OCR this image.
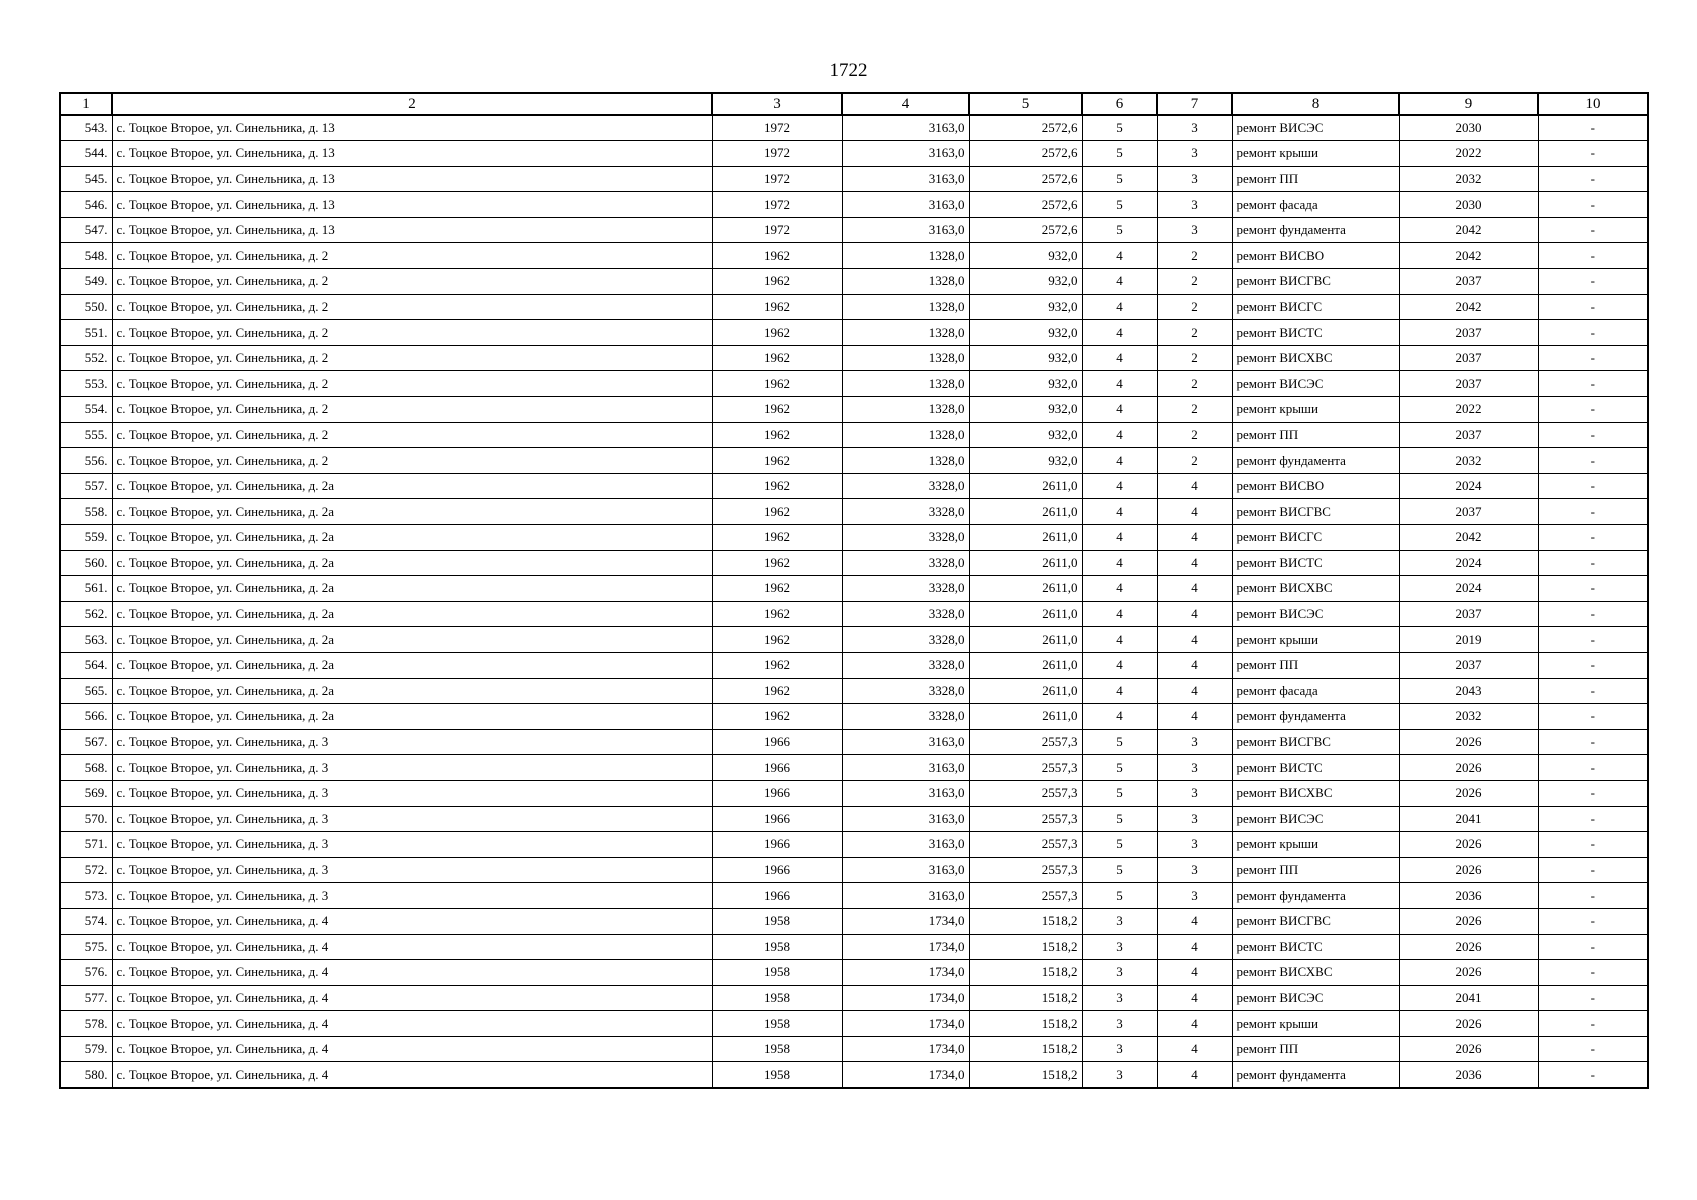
1722
1	2	3	4	5	6	7	8	9	10
543.	с. Тоцкое Второе, ул. Синельника, д. 13	1972	3163,0	2572,6	5	3	ремонт ВИСЭС	2030	-
544.	с. Тоцкое Второе, ул. Синельника, д. 13	1972	3163,0	2572,6	5	3	ремонт крыши	2022	-
545.	с. Тоцкое Второе, ул. Синельника, д. 13	1972	3163,0	2572,6	5	3	ремонт ПП	2032	-
546.	с. Тоцкое Второе, ул. Синельника, д. 13	1972	3163,0	2572,6	5	3	ремонт фасада	2030	-
547.	с. Тоцкое Второе, ул. Синельника, д. 13	1972	3163,0	2572,6	5	3	ремонт фундамента	2042	-
548.	с. Тоцкое Второе, ул. Синельника, д. 2	1962	1328,0	932,0	4	2	ремонт ВИСВО	2042	-
549.	с. Тоцкое Второе, ул. Синельника, д. 2	1962	1328,0	932,0	4	2	ремонт ВИСГВС	2037	-
550.	с. Тоцкое Второе, ул. Синельника, д. 2	1962	1328,0	932,0	4	2	ремонт ВИСГС	2042	-
551.	с. Тоцкое Второе, ул. Синельника, д. 2	1962	1328,0	932,0	4	2	ремонт ВИСТС	2037	-
552.	с. Тоцкое Второе, ул. Синельника, д. 2	1962	1328,0	932,0	4	2	ремонт ВИСХВС	2037	-
553.	с. Тоцкое Второе, ул. Синельника, д. 2	1962	1328,0	932,0	4	2	ремонт ВИСЭС	2037	-
554.	с. Тоцкое Второе, ул. Синельника, д. 2	1962	1328,0	932,0	4	2	ремонт крыши	2022	-
555.	с. Тоцкое Второе, ул. Синельника, д. 2	1962	1328,0	932,0	4	2	ремонт ПП	2037	-
556.	с. Тоцкое Второе, ул. Синельника, д. 2	1962	1328,0	932,0	4	2	ремонт фундамента	2032	-
557.	с. Тоцкое Второе, ул. Синельника, д. 2а	1962	3328,0	2611,0	4	4	ремонт ВИСВО	2024	-
558.	с. Тоцкое Второе, ул. Синельника, д. 2а	1962	3328,0	2611,0	4	4	ремонт ВИСГВС	2037	-
559.	с. Тоцкое Второе, ул. Синельника, д. 2а	1962	3328,0	2611,0	4	4	ремонт ВИСГС	2042	-
560.	с. Тоцкое Второе, ул. Синельника, д. 2а	1962	3328,0	2611,0	4	4	ремонт ВИСТС	2024	-
561.	с. Тоцкое Второе, ул. Синельника, д. 2а	1962	3328,0	2611,0	4	4	ремонт ВИСХВС	2024	-
562.	с. Тоцкое Второе, ул. Синельника, д. 2а	1962	3328,0	2611,0	4	4	ремонт ВИСЭС	2037	-
563.	с. Тоцкое Второе, ул. Синельника, д. 2а	1962	3328,0	2611,0	4	4	ремонт крыши	2019	-
564.	с. Тоцкое Второе, ул. Синельника, д. 2а	1962	3328,0	2611,0	4	4	ремонт ПП	2037	-
565.	с. Тоцкое Второе, ул. Синельника, д. 2а	1962	3328,0	2611,0	4	4	ремонт фасада	2043	-
566.	с. Тоцкое Второе, ул. Синельника, д. 2а	1962	3328,0	2611,0	4	4	ремонт фундамента	2032	-
567.	с. Тоцкое Второе, ул. Синельника, д. 3	1966	3163,0	2557,3	5	3	ремонт ВИСГВС	2026	-
568.	с. Тоцкое Второе, ул. Синельника, д. 3	1966	3163,0	2557,3	5	3	ремонт ВИСТС	2026	-
569.	с. Тоцкое Второе, ул. Синельника, д. 3	1966	3163,0	2557,3	5	3	ремонт ВИСХВС	2026	-
570.	с. Тоцкое Второе, ул. Синельника, д. 3	1966	3163,0	2557,3	5	3	ремонт ВИСЭС	2041	-
571.	с. Тоцкое Второе, ул. Синельника, д. 3	1966	3163,0	2557,3	5	3	ремонт крыши	2026	-
572.	с. Тоцкое Второе, ул. Синельника, д. 3	1966	3163,0	2557,3	5	3	ремонт ПП	2026	-
573.	с. Тоцкое Второе, ул. Синельника, д. 3	1966	3163,0	2557,3	5	3	ремонт фундамента	2036	-
574.	с. Тоцкое Второе, ул. Синельника, д. 4	1958	1734,0	1518,2	3	4	ремонт ВИСГВС	2026	-
575.	с. Тоцкое Второе, ул. Синельника, д. 4	1958	1734,0	1518,2	3	4	ремонт ВИСТС	2026	-
576.	с. Тоцкое Второе, ул. Синельника, д. 4	1958	1734,0	1518,2	3	4	ремонт ВИСХВС	2026	-
577.	с. Тоцкое Второе, ул. Синельника, д. 4	1958	1734,0	1518,2	3	4	ремонт ВИСЭС	2041	-
578.	с. Тоцкое Второе, ул. Синельника, д. 4	1958	1734,0	1518,2	3	4	ремонт крыши	2026	-
579.	с. Тоцкое Второе, ул. Синельника, д. 4	1958	1734,0	1518,2	3	4	ремонт ПП	2026	-
580.	с. Тоцкое Второе, ул. Синельника, д. 4	1958	1734,0	1518,2	3	4	ремонт фундамента	2036	-
